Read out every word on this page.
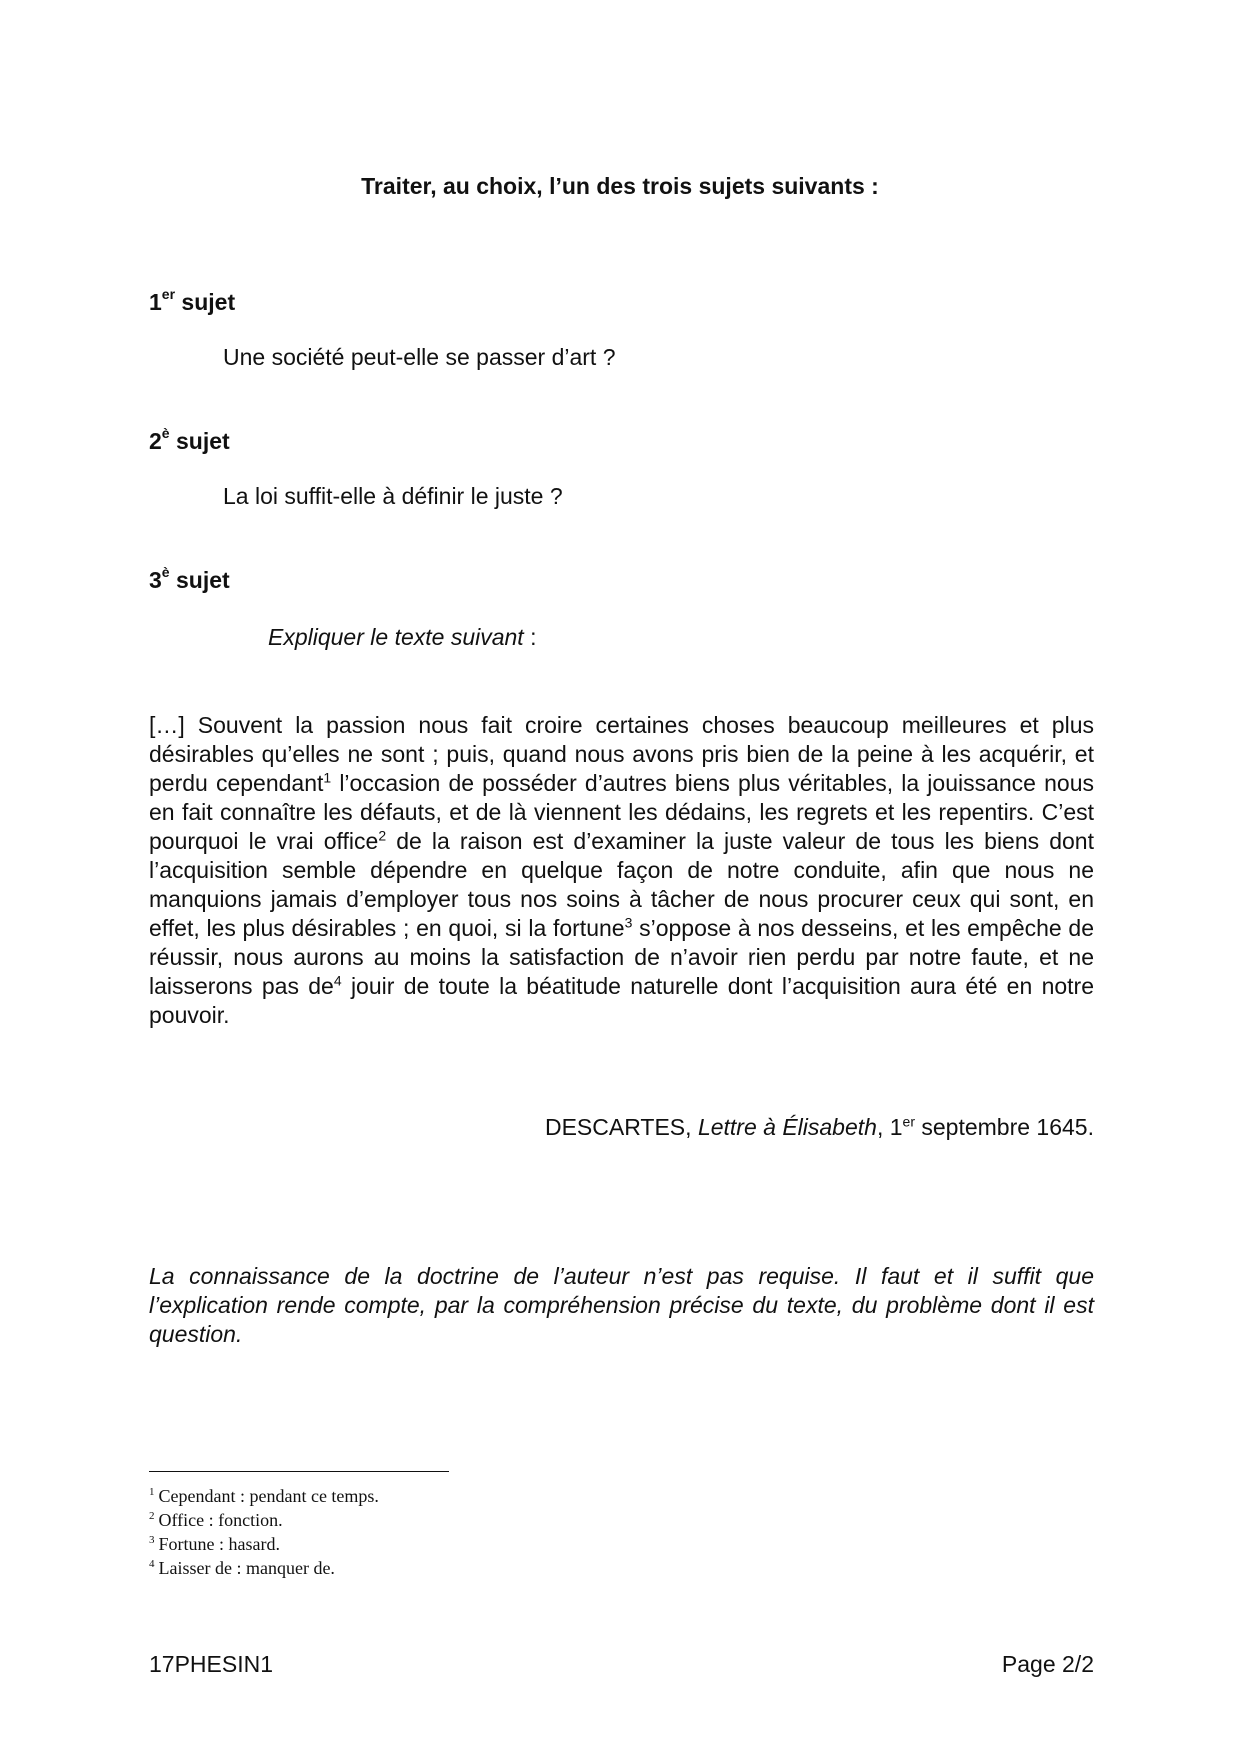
Traiter, au choix, l’un des trois sujets suivants :
1er sujet
Une société peut-elle se passer d’art ?
$2^è$ sujet
La loi suffit-elle à définir le juste ?
$3^è$ sujet
Expliquer le texte suivant :

[…] Souvent la passion nous fait croire certaines choses beaucoup meilleures et plus désirables qu’elles ne sont ; puis, quand nous avons pris bien de la peine à les acquérir, et perdu cependant$^1$ l’occasion de posséder d’autres biens plus véritables, la jouissance nous en fait connaître les défauts, et de là viennent les dédains, les regrets et les repentirs. C’est pourquoi le vrai office$^2$ de la raison est d’examiner la juste valeur de tous les biens dont l’acquisition semble dépendre en quelque façon de notre conduite, afin que nous ne manquions jamais d’employer tous nos soins à tâcher de nous procurer ceux qui sont, en effet, les plus désirables ; en quoi, si la fortune$^3$ s’oppose à nos desseins, et les empêche de réussir, nous aurons au moins la satisfaction de n’avoir rien perdu par notre faute, et ne laisserons pas $de^4$ jouir de toute la béatitude naturelle dont l’acquisition aura été en notre pouvoir.

DESCARTES, Lettre à Élisabeth, 1er septembre 1645.

La connaissance de la doctrine de l’auteur n’est pas requise. Il faut et il suffit que l’explication rende compte, par la compréhension précise du texte, du problème dont il est question.

$^1$ Cependant : pendant ce temps.
$^2$ Office : fonction.
$^3$ Fortune : hasard.
$^4$ Laisser de : manquer de.
17PHESIN1	Page 2/2
